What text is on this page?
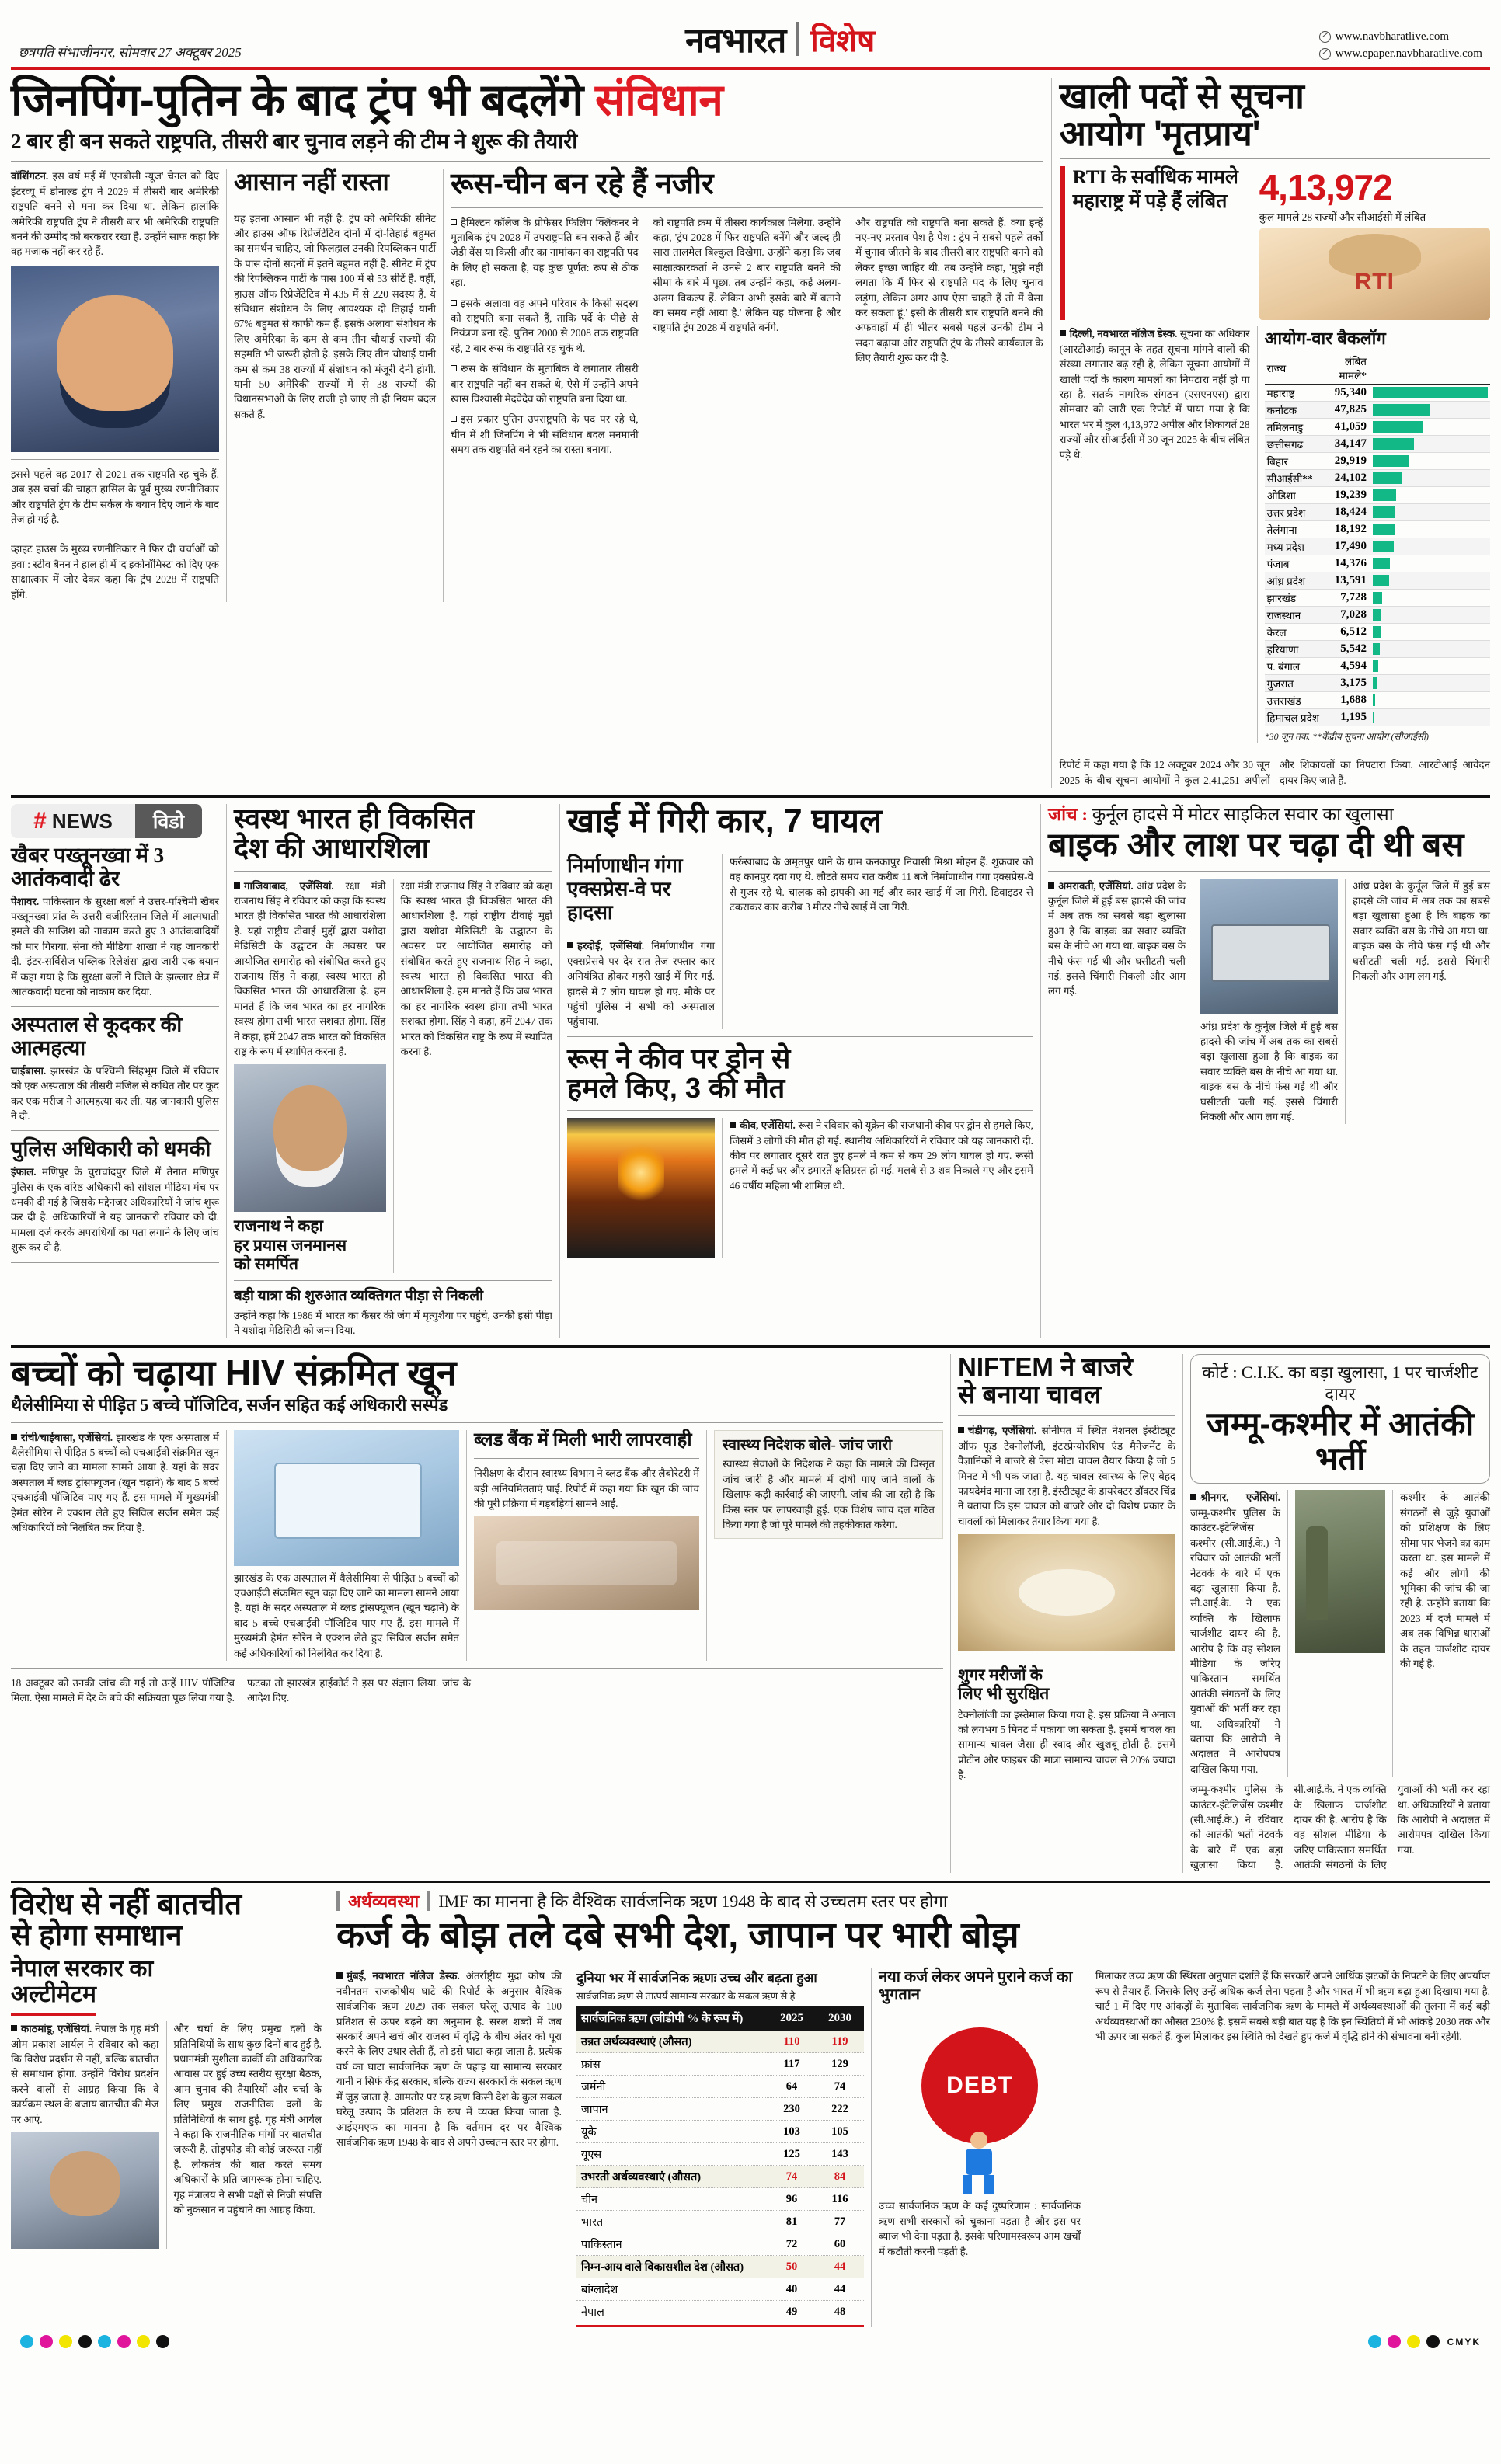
छत्रपति संभाजीनगर, सोमवार 27 अक्टूबर 2025	नवभारत विशेष	www.navbharatlive.com
www.epaper.navbharatlive.com
जिनपिंग-पुतिन के बाद ट्रंप भी बदलेंगे संविधान
2 बार ही बन सकते राष्ट्रपति, तीसरी बार चुनाव लड़ने की टीम ने शुरू की तैयारी
वॉशिंगटन. इस वर्ष मई में 'एनबीसी न्यूज' चैनल को दिए इंटरव्यू में डोनाल्ड ट्रंप ने 2029 में तीसरी बार अमेरिकी राष्ट्रपति बनने से मना कर दिया था. लेकिन हालांकि अमेरिकी राष्ट्रपति ट्रंप ने तीसरी बार भी अमेरिकी राष्ट्रपति बनने की उम्मीद को बरकरार रखा है. उन्होंने साफ कहा कि वह मजाक नहीं कर रहे हैं.
इससे पहले वह 2017 से 2021 तक राष्ट्रपति रह चुके हैं. अब इस चर्चा की चाहत हासिल के पूर्व मुख्य रणनीतिकार और राष्ट्रपति ट्रंप के टीम सर्कल के बयान दिए जाने के बाद तेज हो गई है.
व्हाइट हाउस के मुख्य रणनीतिकार ने फिर दी चर्चाओं को हवा : स्टीव बैनन ने हाल ही में 'द इकोनॉमिस्ट' को दिए एक साक्षात्कार में जोर देकर कहा कि ट्रंप 2028 में राष्ट्रपति होंगे.
आसान नहीं रास्ता
यह इतना आसान भी नहीं है. ट्रंप को अमेरिकी सीनेट और हाउस ऑफ रिप्रेजेंटेटिव दोनों में दो-तिहाई बहुमत का समर्थन चाहिए, जो फिलहाल उनकी रिपब्लिकन पार्टी के पास दोनों सदनों में इतने बहुमत नहीं है. सीनेट में ट्रंप की रिपब्लिकन पार्टी के पास 100 में से 53 सीटें हैं. वहीं, हाउस ऑफ रिप्रेजेंटेटिव में 435 में से 220 सदस्य हैं. ये संविधान संशोधन के लिए आवश्यक दो तिहाई यानी 67% बहुमत से काफी कम हैं. इसके अलावा संशोधन के लिए अमेरिका के कम से कम तीन चौथाई राज्यों की सहमति भी जरूरी होती है. इसके लिए तीन चौथाई यानी कम से कम 38 राज्यों में संशोधन को मंजूरी देनी होगी. यानी 50 अमेरिकी राज्यों में से 38 राज्यों की विधानसभाओं के लिए राजी हो जाए तो ही नियम बदल सकते हैं.
रूस-चीन बन रहे हैं नजीर
हैमिल्टन कॉलेज के प्रोफेसर फिलिप क्लिंकनर ने मुताबिक ट्रंप 2028 में उपराष्ट्रपति बन सकते हैं और जेडी वेंस या किसी और का नामांकन का राष्ट्रपति पद के लिए हो सकता है, यह कुछ पूर्णत: रूप से ठीक रहा.
इसके अलावा वह अपने परिवार के किसी सदस्य को राष्ट्रपति बना सकते हैं, ताकि पर्दे के पीछे से नियंत्रण बना रहे. पुतिन 2000 से 2008 तक राष्ट्रपति रहे, 2 बार रूस के राष्ट्रपति रह चुके थे.
रूस के संविधान के मुताबिक वे लगातार तीसरी बार राष्ट्रपति नहीं बन सकते थे, ऐसे में उन्होंने अपने खास विश्वासी मेदवेदेव को राष्ट्रपति बना दिया था.
इस प्रकार पुतिन उपराष्ट्रपति के पद पर रहे थे, चीन में शी जिनपिंग ने भी संविधान बदल मनमानी समय तक राष्ट्रपति बने रहने का रास्ता बनाया.
को राष्ट्रपति क्रम में तीसरा कार्यकाल मिलेगा. उन्होंने कहा, 'ट्रंप 2028 में फिर राष्ट्रपति बनेंगे और जल्द ही सारा तालमेल बिल्कुल दिखेगा. उन्होंने कहा कि जब साक्षात्कारकर्ता ने उनसे 2 बार राष्ट्रपति बनने की सीमा के बारे में पूछा. तब उन्होंने कहा, 'कई अलग-अलग विकल्प हैं. लेकिन अभी इसके बारे में बताने का समय नहीं आया है.' लेकिन यह योजना है और राष्ट्रपति ट्रंप 2028 में राष्ट्रपति बनेंगे.
और राष्ट्रपति को राष्ट्रपति बना सकते हैं. क्या इन्हें नए-नए प्रस्ताव पेश है पेश : ट्रंप ने सबसे पहले तर्कों में चुनाव जीतने के बाद तीसरी बार राष्ट्रपति बनने को लेकर इच्छा जाहिर थी. तब उन्होंने कहा, 'मुझे नहीं लगता कि मैं फिर से राष्ट्रपति पद के लिए चुनाव लड़ूंगा, लेकिन अगर आप ऐसा चाहते हैं तो मैं वैसा कर सकता हूं.' इसी के तीसरी बार राष्ट्रपति बनने की अफवाहों में ही भीतर सबसे पहले उनकी टीम ने सदन बढ़ाया और राष्ट्रपति ट्रंप के तीसरे कार्यकाल के लिए तैयारी शुरू कर दी है.
खाली पदों से सूचना
आयोग 'मृतप्राय'
RTI के सर्वाधिक मामले महाराष्ट्र में पड़े हैं लंबित 4,13,972
कुल मामले 28 राज्यों और सीआईसी में लंबित
RTI
दिल्ली, नवभारत नॉलेज डेस्क. सूचना का अधिकार (आरटीआई) कानून के तहत सूचना मांगने वालों की संख्या लगातार बढ़ रही है, लेकिन सूचना आयोगों में खाली पदों के कारण मामलों का निपटारा नहीं हो पा रहा है. सतर्क नागरिक संगठन (एसएनएस) द्वारा सोमवार को जारी एक रिपोर्ट में पाया गया है कि भारत भर में कुल 4,13,972 अपील और शिकायतें 28 राज्यों और सीआईसी में 30 जून 2025 के बीच लंबित पड़े थे.
आयोग-वार बैकलॉग
राज्य	लंबित मामले*	
महाराष्ट्र	95,340	

कर्नाटक	47,825	

तमिलनाडु	41,059	

छत्तीसगढ	34,147	

बिहार	29,919	

सीआईसी**	24,102	

ओडिशा	19,239	

उत्तर प्रदेश	18,424	

तेलंगाना	18,192	

मध्य प्रदेश	17,490	

पंजाब	14,376	

आंध्र प्रदेश	13,591	

झारखंड	7,728	

राजस्थान	7,028	

केरल	6,512	

हरियाणा	5,542	

प. बंगाल	4,594	

गुजरात	3,175	

उत्तराखंड	1,688	

हिमाचल प्रदेश	1,195	
*30 जून तक. **केंद्रीय सूचना आयोग (सीआईसी)
रिपोर्ट में कहा गया है कि 12 अक्टूबर 2024 और 30 जून 2025 के बीच सूचना आयोगों ने कुल 2,41,251 अपीलों और शिकायतों का निपटारा किया. आरटीआई आवेदन दायर किए जाते हैं.
# NEWS	विडो
खैबर पख्तूनख्वा में 3 आतंकवादी ढेर
पेशावर. पाकिस्तान के सुरक्षा बलों ने उत्तर-पश्चिमी खैबर पख्तूनख्वा प्रांत के उत्तरी वजीरिस्तान जिले में आत्मघाती हमले की साजिश को नाकाम करते हुए 3 आतंकवादियों को मार गिराया. सेना की मीडिया शाखा ने यह जानकारी दी. 'इंटर-सर्विसेज पब्लिक रिलेशंस' द्वारा जारी एक बयान में कहा गया है कि सुरक्षा बलों ने जिले के झल्लार क्षेत्र में आतंकवादी घटना को नाकाम कर दिया.
अस्पताल से कूदकर की आत्महत्या
चाईबासा. झारखंड के पश्चिमी सिंहभूम जिले में रविवार को एक अस्पताल की तीसरी मंजिल से कथित तौर पर कूद कर एक मरीज ने आत्महत्या कर ली. यह जानकारी पुलिस ने दी.
पुलिस अधिकारी को धमकी
इंफाल. मणिपुर के चुराचांदपुर जिले में तैनात मणिपुर पुलिस के एक वरिष्ठ अधिकारी को सोशल मीडिया मंच पर धमकी दी गई है जिसके मद्देनजर अधिकारियों ने जांच शुरू कर दी है. अधिकारियों ने यह जानकारी रविवार को दी. मामला दर्ज करके अपराधियों का पता लगाने के लिए जांच शुरू कर दी है.
स्वस्थ भारत ही विकसित
देश की आधारशिला
गाजियाबाद, एजेंसियां. रक्षा मंत्री राजनाथ सिंह ने रविवार को कहा कि स्वस्थ भारत ही विकसित भारत की आधारशिला है. यहां राष्ट्रीय टीवाई मुद्दों द्वारा यशोदा मेडिसिटी के उद्घाटन के अवसर पर आयोजित समारोह को संबोधित करते हुए राजनाथ सिंह ने कहा, स्वस्थ भारत ही विकसित भारत की आधारशिला है. हम मानते हैं कि जब भारत का हर नागरिक स्वस्थ होगा तभी भारत सशक्त होगा. सिंह ने कहा, हमें 2047 तक भारत को विकसित राष्ट्र के रूप में स्थापित करना है.
राजनाथ ने कहा
हर प्रयास जनमानस
को समर्पित
रक्षा मंत्री राजनाथ सिंह ने रविवार को कहा कि स्वस्थ भारत ही विकसित भारत की आधारशिला है. यहां राष्ट्रीय टीवाई मुद्दों द्वारा यशोदा मेडिसिटी के उद्घाटन के अवसर पर आयोजित समारोह को संबोधित करते हुए राजनाथ सिंह ने कहा, स्वस्थ भारत ही विकसित भारत की आधारशिला है. हम मानते हैं कि जब भारत का हर नागरिक स्वस्थ होगा तभी भारत सशक्त होगा. सिंह ने कहा, हमें 2047 तक भारत को विकसित राष्ट्र के रूप में स्थापित करना है.
बड़ी यात्रा की शुरुआत व्यक्तिगत पीड़ा से निकली
उन्होंने कहा कि 1986 में भारत का कैंसर की जंग में मृत्युशैया पर पहुंचे, उनकी इसी पीड़ा ने यशोदा मेडिसिटी को जन्म दिया.
खाई में गिरी कार, 7 घायल
निर्माणाधीन गंगा
एक्सप्रेस-वे पर हादसा
हरदोई, एजेंसियां. निर्माणाधीन गंगा एक्सप्रेसवे पर देर रात तेज रफ्तार कार अनियंत्रित होकर गहरी खाई में गिर गई. हादसे में 7 लोग घायल हो गए. मौके पर पहुंची पुलिस ने सभी को अस्पताल पहुंचाया.
फर्रुखाबाद के अमृतपुर थाने के ग्राम कनकापुर निवासी मिश्रा मोहन हैं. शुक्रवार को वह कानपुर दवा गए थे. लौटते समय रात करीब 11 बजे निर्माणाधीन गंगा एक्सप्रेस-वे से गुजर रहे थे. चालक को झपकी आ गई और कार खाई में जा गिरी. डिवाइडर से टकराकर कार करीब 3 मीटर नीचे खाई में जा गिरी.
रूस ने कीव पर ड्रोन से
हमले किए, 3 की मौत
कीव, एजेंसियां. रूस ने रविवार को यूक्रेन की राजधानी कीव पर ड्रोन से हमले किए, जिसमें 3 लोगों की मौत हो गई. स्थानीय अधिकारियों ने रविवार को यह जानकारी दी. कीव पर लगातार दूसरे रात हुए हमले में कम से कम 29 लोग घायल हो गए. रूसी हमले में कई घर और इमारतें क्षतिग्रस्त हो गईं. मलबे से 3 शव निकाले गए और इसमें 46 वर्षीय महिला भी शामिल थी.
जांच : कुर्नूल हादसे में मोटर साइकिल सवार का खुलासा
बाइक और लाश पर चढ़ा दी थी बस
अमरावती, एजेंसियां. आंध्र प्रदेश के कुर्नूल जिले में हुई बस हादसे की जांच में अब तक का सबसे बड़ा खुलासा हुआ है कि बाइक का सवार व्यक्ति बस के नीचे आ गया था. बाइक बस के नीचे फंस गई थी और घसीटती चली गई. इससे चिंगारी निकली और आग लग गई.
आंध्र प्रदेश के कुर्नूल जिले में हुई बस हादसे की जांच में अब तक का सबसे बड़ा खुलासा हुआ है कि बाइक का सवार व्यक्ति बस के नीचे आ गया था. बाइक बस के नीचे फंस गई थी और घसीटती चली गई. इससे चिंगारी निकली और आग लग गई.
आंध्र प्रदेश के कुर्नूल जिले में हुई बस हादसे की जांच में अब तक का सबसे बड़ा खुलासा हुआ है कि बाइक का सवार व्यक्ति बस के नीचे आ गया था. बाइक बस के नीचे फंस गई थी और घसीटती चली गई. इससे चिंगारी निकली और आग लग गई.
बच्चों को चढ़ाया HIV संक्रमित खून
थैलेसीमिया से पीड़ित 5 बच्चे पॉजिटिव, सर्जन सहित कई अधिकारी सस्पेंड
रांची/चाईबासा, एजेंसियां. झारखंड के एक अस्पताल में थैलेसीमिया से पीड़ित 5 बच्चों को एचआईवी संक्रमित खून चढ़ा दिए जाने का मामला सामने आया है. यहां के सदर अस्पताल में ब्लड ट्रांसफ्यूजन (खून चढ़ाने) के बाद 5 बच्चे एचआईवी पॉजिटिव पाए गए हैं. इस मामले में मुख्यमंत्री हेमंत सोरेन ने एक्शन लेते हुए सिविल सर्जन समेत कई अधिकारियों को निलंबित कर दिया है.
झारखंड के एक अस्पताल में थैलेसीमिया से पीड़ित 5 बच्चों को एचआईवी संक्रमित खून चढ़ा दिए जाने का मामला सामने आया है. यहां के सदर अस्पताल में ब्लड ट्रांसफ्यूजन (खून चढ़ाने) के बाद 5 बच्चे एचआईवी पॉजिटिव पाए गए हैं. इस मामले में मुख्यमंत्री हेमंत सोरेन ने एक्शन लेते हुए सिविल सर्जन समेत कई अधिकारियों को निलंबित कर दिया है.
ब्लड बैंक में मिली भारी लापरवाही
निरीक्षण के दौरान स्वास्थ्य विभाग ने ब्लड बैंक और लैबोरेटरी में बड़ी अनियमितताएं पाईं. रिपोर्ट में कहा गया कि खून की जांच की पूरी प्रक्रिया में गड़बड़ियां सामने आईं.
स्वास्थ्य निदेशक बोले- जांच जारी
स्वास्थ्य सेवाओं के निदेशक ने कहा कि मामले की विस्तृत जांच जारी है और मामले में दोषी पाए जाने वालों के खिलाफ कड़ी कार्रवाई की जाएगी. जांच की जा रही है कि किस स्तर पर लापरवाही हुई. एक विशेष जांच दल गठित किया गया है जो पूरे मामले की तहकीकात करेगा.
18 अक्टूबर को उनकी जांच की गई तो उन्हें HIV पॉजिटिव मिला. ऐसा मामले में देर के बचे की सक्रियता पूछ लिया गया है. फटका तो झारखंड हाईकोर्ट ने इस पर संज्ञान लिया. जांच के आदेश दिए.
NIFTEM ने बाजरे
से बनाया चावल
चंडीगढ़, एजेंसियां. सोनीपत में स्थित नेशनल इंस्टीट्यूट ऑफ फूड टेक्नोलॉजी, इंटरप्रेन्योरशिप एंड मैनेजमेंट के वैज्ञानिकों ने बाजरे से ऐसा मोटा चावल तैयार किया है जो 5 मिनट में भी पक जाता है. यह चावल स्वास्थ्य के लिए बेहद फायदेमंद माना जा रहा है. इंस्टीट्यूट के डायरेक्टर डॉक्टर चिंद्र ने बताया कि इस चावल को बाजरे और दो विशेष प्रकार के चावलों को मिलाकर तैयार किया गया है.
शुगर मरीजों के
लिए भी सुरक्षित
टेक्नोलॉजी का इस्तेमाल किया गया है. इस प्रक्रिया में अनाज को लगभग 5 मिनट में पकाया जा सकता है. इसमें चावल का सामान्य चावल जैसा ही स्वाद और खुशबू होती है. इसमें प्रोटीन और फाइबर की मात्रा सामान्य चावल से 20% ज्यादा है.
कोर्ट : C.I.K. का बड़ा खुलासा, 1 पर चार्जशीट दायर
जम्मू-कश्मीर में आतंकी भर्ती
श्रीनगर, एजेंसियां. जम्मू-कश्मीर पुलिस के काउंटर-इंटेलिजेंस कश्मीर (सी.आई.के.) ने रविवार को आतंकी भर्ती नेटवर्क के बारे में एक बड़ा खुलासा किया है. सी.आई.के. ने एक व्यक्ति के खिलाफ चार्जशीट दायर की है. आरोप है कि वह सोशल मीडिया के जरिए पाकिस्तान समर्थित आतंकी संगठनों के लिए युवाओं की भर्ती कर रहा था. अधिकारियों ने बताया कि आरोपी ने अदालत में आरोपपत्र दाखिल किया गया.
कश्मीर के आतंकी संगठनों से जुड़े युवाओं को प्रशिक्षण के लिए सीमा पार भेजने का काम करता था. इस मामले में कई और लोगों की भूमिका की जांच की जा रही है. उन्होंने बताया कि 2023 में दर्ज मामले में अब तक विभिन्न धाराओं के तहत चार्जशीट दायर की गई है.
जम्मू-कश्मीर पुलिस के काउंटर-इंटेलिजेंस कश्मीर (सी.आई.के.) ने रविवार को आतंकी भर्ती नेटवर्क के बारे में एक बड़ा खुलासा किया है. सी.आई.के. ने एक व्यक्ति के खिलाफ चार्जशीट दायर की है. आरोप है कि वह सोशल मीडिया के जरिए पाकिस्तान समर्थित आतंकी संगठनों के लिए युवाओं की भर्ती कर रहा था. अधिकारियों ने बताया कि आरोपी ने अदालत में आरोपपत्र दाखिल किया गया.
विरोध से नहीं बातचीत
से होगा समाधान
नेपाल सरकार का
अल्टीमेटम
काठमांडू, एजेंसियां. नेपाल के गृह मंत्री ओम प्रकाश आर्यल ने रविवार को कहा कि विरोध प्रदर्शन से नहीं, बल्कि बातचीत से समाधान होगा. उन्होंने विरोध प्रदर्शन करने वालों से आग्रह किया कि वे कार्यक्रम स्थल के बजाय बातचीत की मेज पर आएं.
और चर्चा के लिए प्रमुख दलों के प्रतिनिधियों के साथ कुछ दिनों बाद हुई है. प्रधानमंत्री सुशीला कार्की की अधिकारिक आवास पर हुई उच्च स्तरीय सुरक्षा बैठक, आम चुनाव की तैयारियों और चर्चा के लिए प्रमुख राजनीतिक दलों के प्रतिनिधियों के साथ हुई. गृह मंत्री आर्यल ने कहा कि राजनीतिक मांगों पर बातचीत जरूरी है. तोड़फोड़ की कोई जरूरत नहीं है. लोकतंत्र की बात करते समय अधिकारों के प्रति जागरूक होना चाहिए. गृह मंत्रालय ने सभी पक्षों से निजी संपत्ति को नुकसान न पहुंचाने का आग्रह किया.
अर्थव्यवस्था IMF का मानना है कि वैश्विक सार्वजनिक ऋण 1948 के बाद से उच्चतम स्तर पर होगा
कर्ज के बोझ तले दबे सभी देश, जापान पर भारी बोझ
मुंबई, नवभारत नॉलेज डेस्क. अंतर्राष्ट्रीय मुद्रा कोष की नवीनतम राजकोषीय घाटे की रिपोर्ट के अनुसार वैश्विक सार्वजनिक ऋण 2029 तक सकल घरेलू उत्पाद के 100 प्रतिशत से ऊपर बढ़ने का अनुमान है. सरल शब्दों में जब सरकारें अपने खर्च और राजस्व में वृद्धि के बीच अंतर को पूरा करने के लिए उधार लेती हैं, तो इसे घाटा कहा जाता है. प्रत्येक वर्ष का घाटा सार्वजनिक ऋण के पहाड़ या सामान्य सरकार यानी न सिर्फ केंद्र सरकार, बल्कि राज्य सरकारों के सकल ऋण में जुड़ जाता है. आमतौर पर यह ऋण किसी देश के कुल सकल घरेलू उत्पाद के प्रतिशत के रूप में व्यक्त किया जाता है. आईएमएफ का मानना है कि वर्तमान दर पर वैश्विक सार्वजनिक ऋण 1948 के बाद से अपने उच्चतम स्तर पर होगा.
दुनिया भर में सार्वजनिक ऋणः उच्च और बढ़ता हुआ
सार्वजनिक ऋण से तात्पर्य सामान्य सरकार के सकल ऋण से है
सार्वजनिक ऋण (जीडीपी % के रूप में)	2025	2030
उन्नत अर्थव्यवस्थाएं (औसत)	110	119
फ्रांस	117	129
जर्मनी	64	74
जापान	230	222
यूके	103	105
यूएस	125	143
उभरती अर्थव्यवस्थाएं (औसत)	74	84
चीन	96	116
भारत	81	77
पाकिस्तान	72	60
निम्न-आय वाले विकासशील देश (औसत)	50	44
बांग्लादेश	40	44
नेपाल	49	48
नया कर्ज लेकर अपने पुराने कर्ज का भुगतान
DEBT
उच्च सार्वजनिक ऋण के कई दुष्परिणाम : सार्वजनिक ऋण सभी सरकारों को चुकाना पड़ता है और इस पर ब्याज भी देना पड़ता है. इसके परिणामस्वरूप आम खर्चों में कटौती करनी पड़ती है.
मिलाकर उच्च ऋण की स्थिरता अनुपात दर्शाते हैं कि सरकारें अपने आर्थिक झटकों के निपटने के लिए अपर्याप्त रूप से तैयार हैं. जिसके लिए उन्हें अधिक कर्ज लेना पड़ता है और भारत में भी ऋण बढ़ा हुआ दिखाया गया है. चार्ट 1 में दिए गए आंकड़ों के मुताबिक सार्वजनिक ऋण के मामले में अर्थव्यवस्थाओं की तुलना में कई बड़ी अर्थव्यवस्थाओं का औसत 230% है. इसमें सबसे बड़ी बात यह है कि इन स्थितियों में भी आंकड़े 2030 तक और भी ऊपर जा सकते हैं. कुल मिलाकर इस स्थिति को देखते हुए कर्ज में वृद्धि होने की संभावना बनी रहेगी.
CMYK
